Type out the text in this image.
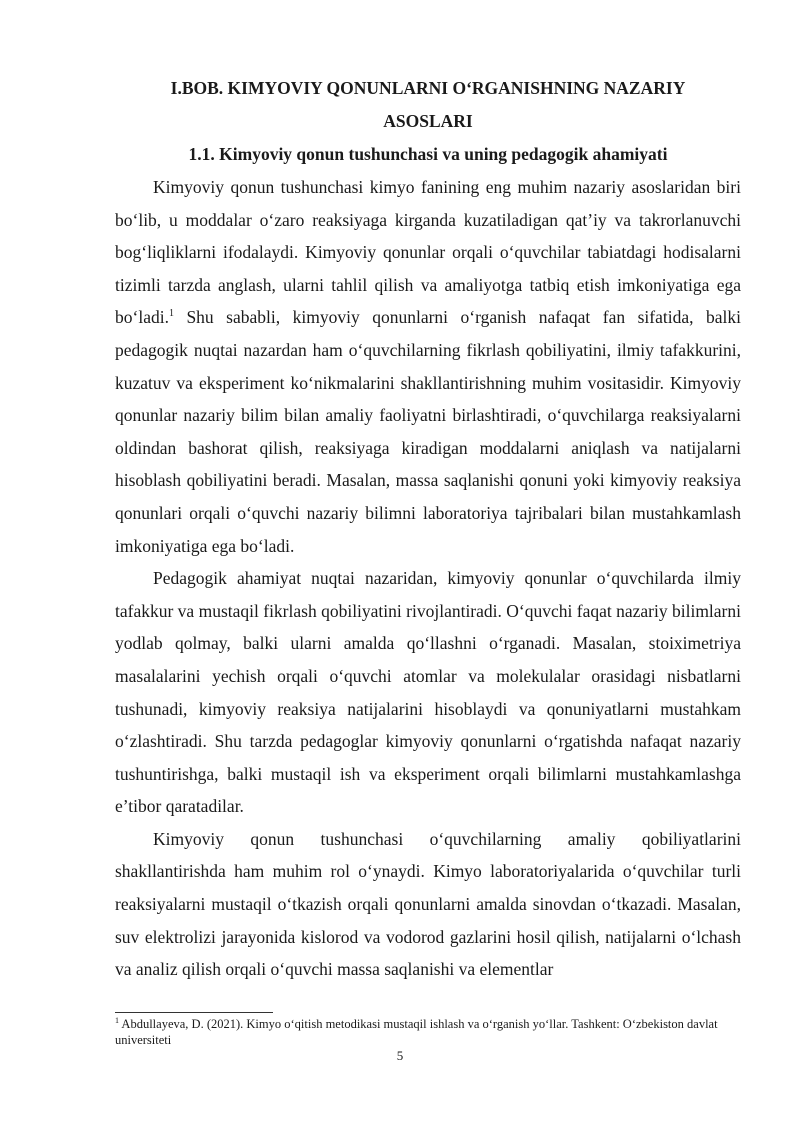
I.BOB. KIMYOVIY QONUNLARNI O‘RGANISHNING NAZARIY ASOSLARI
1.1. Kimyoviy qonun tushunchasi va uning pedagogik ahamiyati

Kimyoviy qonun tushunchasi kimyo fanining eng muhim nazariy asoslaridan biri bo‘lib, u moddalar o‘zaro reaksiyaga kirganda kuzatiladigan qat’iy va takrorlanuvchi bog‘liqliklarni ifodalaydi. Kimyoviy qonunlar orqali o‘quvchilar tabiatdagi hodisalarni tizimli tarzda anglash, ularni tahlil qilish va amaliyotga tatbiq etish imkoniyatiga ega bo‘ladi.$^1$ Shu sababli, kimyoviy qonunlarni o‘rganish nafaqat fan sifatida, balki pedagogik nuqtai nazardan ham o‘quvchilarning fikrlash qobiliyatini, ilmiy tafakkurini, kuzatuv va eksperiment ko‘nikmalarini shakllantirishning muhim vositasidir. Kimyoviy qonunlar nazariy bilim bilan amaliy faoliyatni birlashtiradi, o‘quvchilarga reaksiyalarni oldindan bashorat qilish, reaksiyaga kiradigan moddalarni aniqlash va natijalarni hisoblash qobiliyatini beradi. Masalan, massa saqlanishi qonuni yoki kimyoviy reaksiya qonunlari orqali o‘quvchi nazariy bilimni laboratoriya tajribalari bilan mustahkamlash imkoniyatiga ega bo‘ladi.

Pedagogik ahamiyat nuqtai nazaridan, kimyoviy qonunlar o‘quvchilarda ilmiy tafakkur va mustaqil fikrlash qobiliyatini rivojlantiradi. O‘quvchi faqat nazariy bilimlarni yodlab qolmay, balki ularni amalda qo‘llashni o‘rganadi. Masalan, stoiximetriya masalalarini yechish orqali o‘quvchi atomlar va molekulalar orasidagi nisbatlarni tushunadi, kimyoviy reaksiya natijalarini hisoblaydi va qonuniyatlarni mustahkam o‘zlashtiradi. Shu tarzda pedagoglar kimyoviy qonunlarni o‘rgatishda nafaqat nazariy tushuntirishga, balki mustaqil ish va eksperiment orqali bilimlarni mustahkamlashga e’tibor qaratadilar.

Kimyoviy qonun tushunchasi o‘quvchilarning amaliy qobiliyatlarini shakllantirishda ham muhim rol o‘ynaydi. Kimyo laboratoriyalarida o‘quvchilar turli reaksiyalarni mustaqil o‘tkazish orqali qonunlarni amalda sinovdan o‘tkazadi. Masalan, suv elektrolizi jarayonida kislorod va vodorod gazlarini hosil qilish, natijalarni o‘lchash va analiz qilish orqali o‘quvchi massa saqlanishi va elementlar

$^1$ Abdullayeva, D. (2021). Kimyo o‘qitish metodikasi mustaqil ishlash va o‘rganish yo‘llar. Tashkent: O‘zbekiston davlat universiteti

5
